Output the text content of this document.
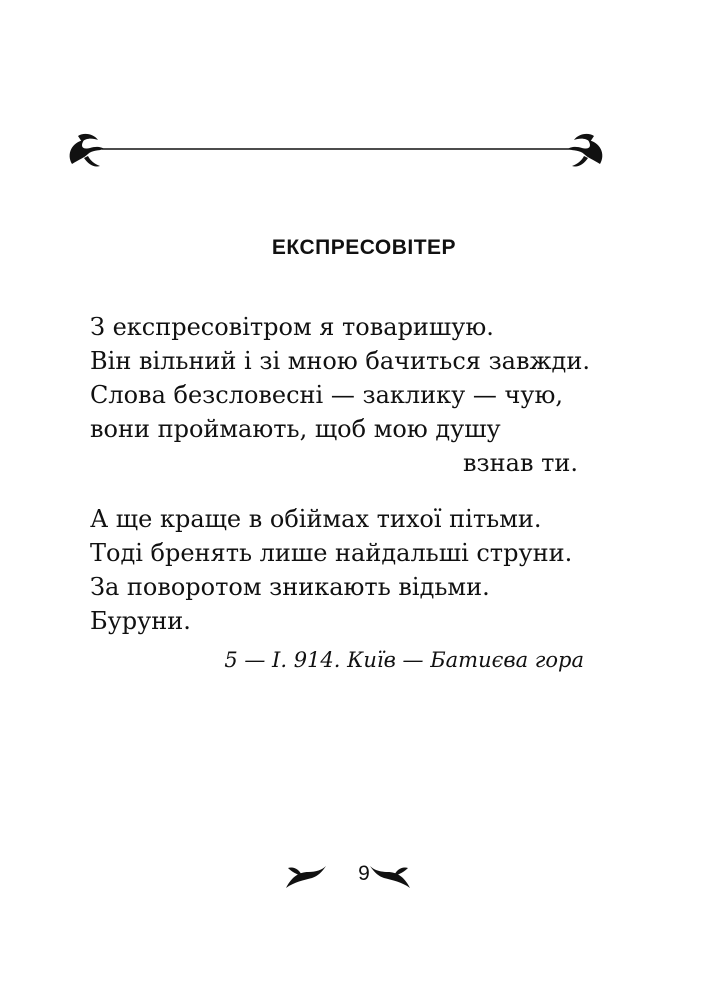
ЕКСПРЕСОВІТЕР
З експресовітром я товаришую.
Він вільний і зі мною бачиться завжди.
Слова безсловесні — заклику — чую,
вони проймають, щоб мою душу
взнав ти.
А ще краще в обіймах тихої пітьми.
Тоді бренять лише найдальші струни.
За поворотом зникають відьми.
Буруни.
5 — I. 914. Київ — Батиєва гора
9
